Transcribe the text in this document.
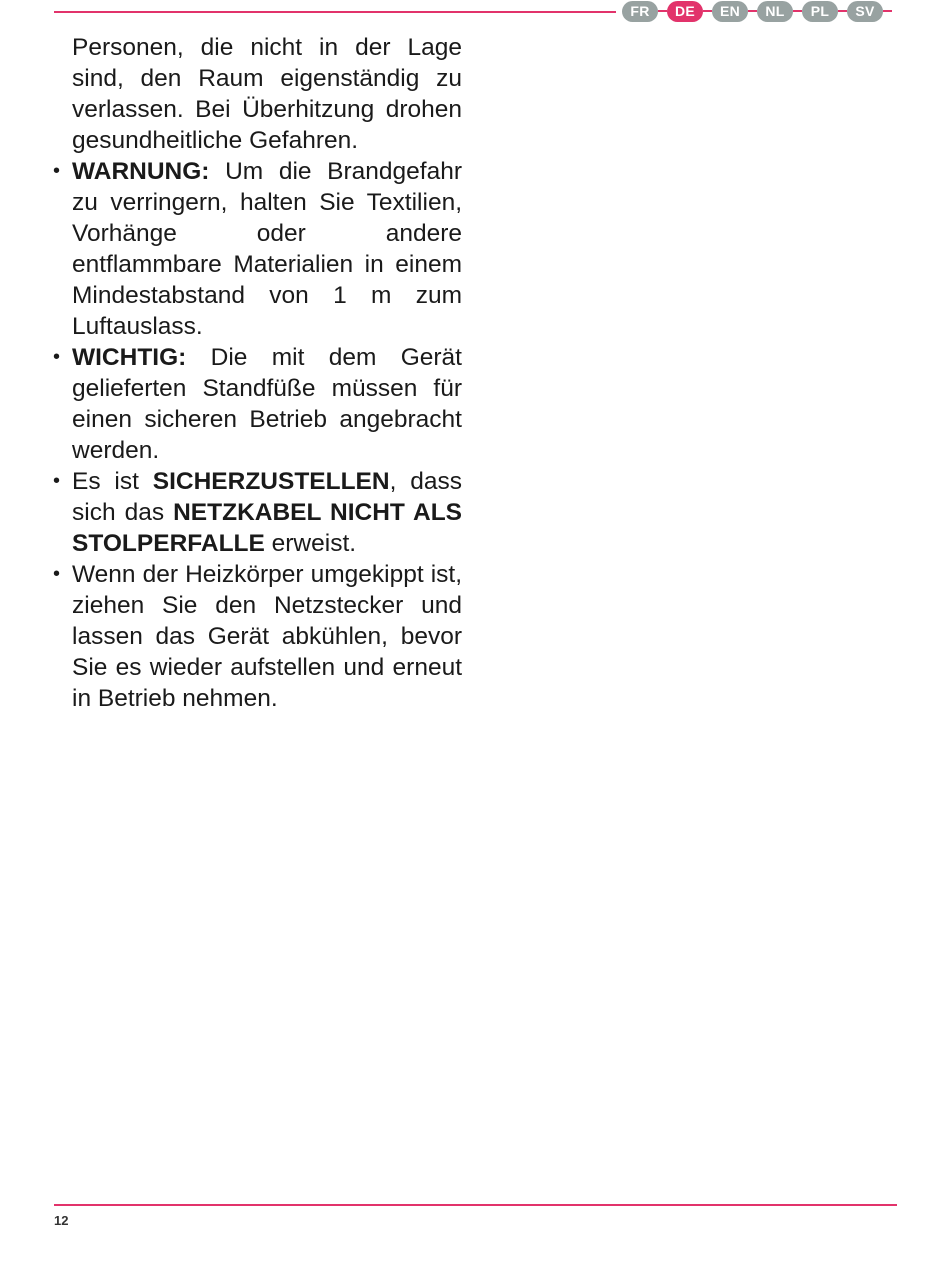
FR	DE	EN	NL	PL	SV

Personen, die nicht in der Lage sind, den Raum eigenständig zu verlassen. Bei Überhitzung drohen gesundheitliche Gefahren.

• WARNUNG: Um die Brandgefahr zu verringern, halten Sie Textilien, Vorhänge oder andere entflammbare Materialien in einem Mindestabstand von 1 m zum Luftauslass.
• WICHTIG: Die mit dem Gerät gelieferten Standfüße müssen für einen sicheren Betrieb angebracht werden.
• Es ist SICHERZUSTELLEN, dass sich das NETZKABEL NICHT ALS STOLPERFALLE erweist.
• Wenn der Heizkörper umgekippt ist, ziehen Sie den Netzstecker und lassen das Gerät abkühlen, bevor Sie es wieder aufstellen und erneut in Betrieb nehmen.
12
